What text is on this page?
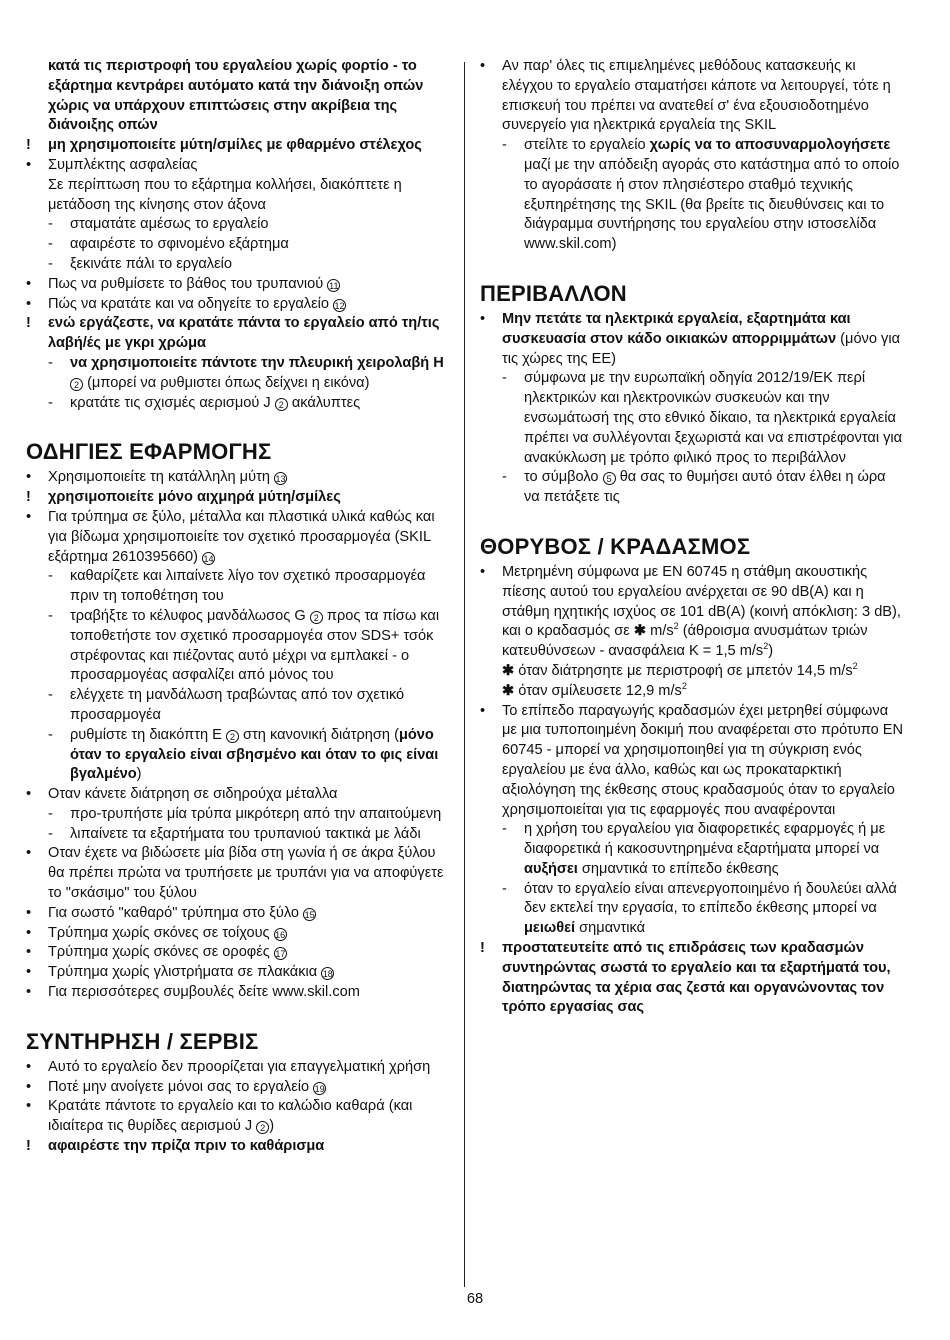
κατά τις περιστροφή του εργαλείου χωρίς φορτίο - το εξάρτημα κεντράρει αυτόματο κατά την διάνοιξη οπών χώρις να υπάρχουν επιπτώσεις στην ακρίβεια της διάνοιξης οπών
! μη χρησιμοποιείτε μύτη/σμίλες με φθαρμένο στέλεχος
• Συμπλέκτης ασφαλείας
Σε περίπτωση που το εξάρτημα κολλήσει, διακόπτετε η μετάδοση της κίνησης στον άξονα
- σταματάτε αμέσως το εργαλείο
- αφαιρέστε το σφινομένο εξάρτημα
- ξεκινάτε πάλι το εργαλείο
• Πως να ρυθμίσετε το βάθος του τρυπανιού 11
• Πώς να κρατάτε και να οδηγείτε το εργαλείο 12
! ενώ εργάζεστε, να κρατάτε πάντα το εργαλείο από τη/τις λαβή/ές με γκρι χρώμα
- να χρησιμοποιείτε πάντοτε την πλευρική χειρολαβή H 2 (μπορεί να ρυθμιστει όπως δείχνει η εικόνα)
- κρατάτε τις σχισμές αερισμού J 2 ακάλυπτες
ΟΔΗΓΙΕΣ ΕΦΑΡΜΟΓΗΣ
• Χρησιμοποιείτε τη κατάλληλη μύτη 13
! χρησιμοποιείτε μόνο αιχμηρά μύτη/σμίλες
• Για τρύπημα σε ξύλο, μέταλλα και πλαστικά υλικά καθώς και για βίδωμα χρησιμοποιείτε τον σχετικό προσαρμογέα (SKIL εξάρτημα 2610395660) 14
- καθαρίζετε και λιπαίνετε λίγο τον σχετικό προσαρμογέα πριν τη τοποθέτηση του
- τραβήξτε το κέλυφος μανδάλωσος G 2 προς τα πίσω και τοποθετήστε τον σχετικό προσαρμογέα στον SDS+ τσόκ στρέφοντας και πιέζοντας αυτό μέχρι να εμπλακεί - ο προσαρμογέας ασφαλίζει από μόνος του
- ελέγχετε τη μανδάλωση τραβώντας από τον σχετικό προσαρμογέα
- ρυθμίστε τη διακόπτη E 2 στη κανονική διάτρηση (μόνο όταν το εργαλείο είναι σβησμένο και όταν το φις είναι βγαλμένο)
• Οταν κάνετε διάτρηση σε σιδηρούχα μέταλλα
- προ-τρυπήστε μία τρύπα μικρότερη από την απαιτούμενη
- λιπαίνετε τα εξαρτήματα του τρυπανιού τακτικά με λάδι
• Οταν έχετε να βιδώσετε μία βίδα στη γωνία ή σε άκρα ξύλου θα πρέπει πρώτα να τρυπήσετε με τρυπάνι για να αποφύγετε το "σκάσιμο" του ξύλου
• Για σωστό "καθαρό" τρύπημα στο ξύλο 15
• Τρύπημα χωρίς σκόνες σε τοίχους 16
• Τρύπημα χωρίς σκόνες σε οροφές 17
• Τρύπημα χωρίς γλιστρήματα σε πλακάκια 18
• Για περισσότερες συμβουλές δείτε www.skil.com
ΣΥΝΤΗΡΗΣΗ / ΣΕΡΒΙΣ
• Αυτό το εργαλείο δεν προορίζεται για επαγγελματική χρήση
• Ποτέ μην ανοίγετε μόνοι σας το εργαλείο 19
• Κρατάτε πάντοτε το εργαλείο και το καλώδιο καθαρά (και ιδιαίτερα τις θυρίδες αερισμού J 2 )
! αφαιρέστε την πρίζα πριν το καθάρισμα
• Αν παρ' όλες τις επιμελημένες μεθόδους κατασκευής κι ελέγχου το εργαλείο σταματήσει κάποτε να λειτουργεί, τότε η επισκευή του πρέπει να ανατεθεί σ' ένα εξουσιοδοτημένο συνεργείο για ηλεκτρικά εργαλεία της SKIL
- στείλτε το εργαλείο χωρίς να το αποσυναρμολογήσετε μαζί με την απόδειξη αγοράς στο κατάστημα από το οποίο το αγοράσατε ή στον πλησιέστερο σταθμό τεχνικής εξυπηρέτησης της SKIL (θα βρείτε τις διευθύνσεις και το διάγραμμα συντήρησης του εργαλείου στην ιστοσελίδα www.skil.com)
ΠΕΡΙΒΑΛΛΟΝ
• Μην πετάτε τα ηλεκτρικά εργαλεία, εξαρτημάτα και συσκευασία στον κάδο οικιακών απορριμμάτων (μόνο για τις χώρες της ΕΕ)
- σύμφωνα με την ευρωπαϊκή οδηγία 2012/19/ΕΚ περί ηλεκτρικών και ηλεκτρονικών συσκευών και την ενσωμάτωσή της στο εθνικό δίκαιο, τα ηλεκτρικά εργαλεία πρέπει να συλλέγονται ξεχωριστά και να επιστρέφονται για ανακύκλωση με τρόπο φιλικό προς το περιβάλλον
- το σύμβολο 5 θα σας το θυμήσει αυτό όταν έλθει η ώρα να πετάξετε τις
ΘΟΡΥΒΟΣ / ΚΡΑΔΑΣΜΟΣ
• Μετρημένη σύμφωνα με EN 60745 η στάθμη ακουστικής πίεσης αυτού του εργαλείου ανέρχεται σε 90 dB(A) και η στάθμη ηχητικής ισχύος σε 101 dB(A) (κοινή απόκλιση: 3 dB), και ο κραδασμός σε ✱ $m/s^2$ (άθροισμα ανυσμάτων τριών κατευθύνσεων - ανασφάλεια K = 1,5 $m/s^2$)
✱ όταν διάτρησητε με περιστροφή σε μπετόν 14,5 $m/s^2$
✱ όταν σμίλευσετε 12,9 $m/s^2$
• Το επίπεδο παραγωγής κραδασμών έχει μετρηθεί σύμφωνα με μια τυποποιημένη δοκιμή που αναφέρεται στο πρότυπο EN 60745 - μπορεί να χρησιμοποιηθεί για τη σύγκριση ενός εργαλείου με ένα άλλο, καθώς και ως προκαταρκτική αξιολόγηση της έκθεσης στους κραδασμούς όταν το εργαλείο χρησιμοποιείται για τις εφαρμογές που αναφέρονται
- η χρήση του εργαλείου για διαφορετικές εφαρμογές ή με διαφορετικά ή κακοσυντηρημένα εξαρτήματα μπορεί να αυξήσει σημαντικά το επίπεδο έκθεσης
- όταν το εργαλείο είναι απενεργοποιημένο ή δουλεύει αλλά δεν εκτελεί την εργασία, το επίπεδο έκθεσης μπορεί να μειωθεί σημαντικά
! προστατευτείτε από τις επιδράσεις των κραδασμών συντηρώντας σωστά το εργαλείο και τα εξαρτήματά του, διατηρώντας τα χέρια σας ζεστά και οργανώνοντας τον τρόπο εργασίας σας
68
